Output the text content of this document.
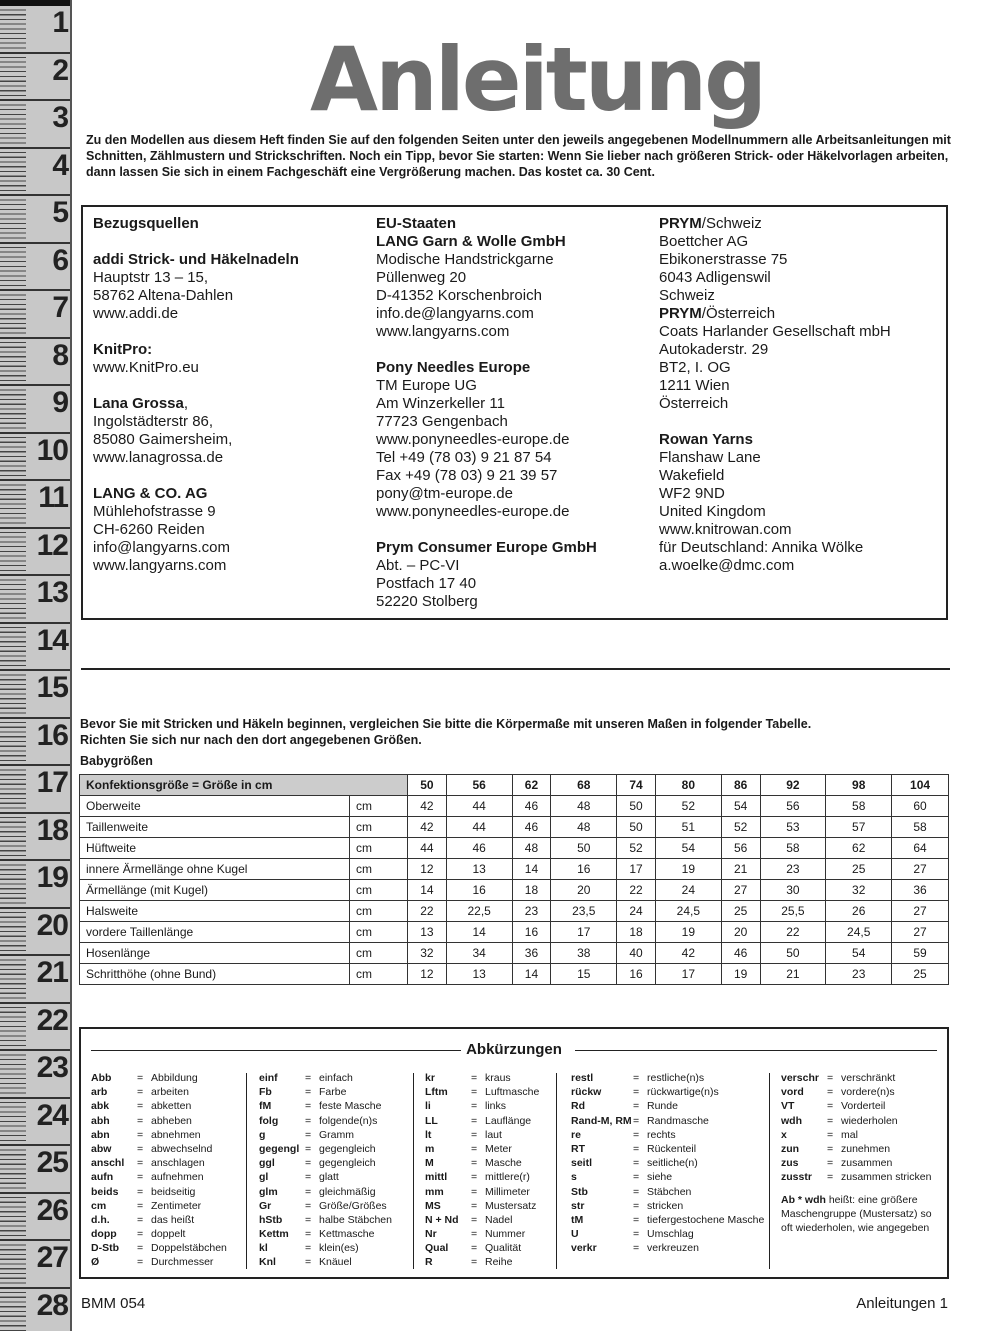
1
2
3
4
5
6
7
8
9
10
11
12
13
14
15
16
17
18
19
20
21
22
23
24
25
26
27
28
Anleitung
Zu den Modellen aus diesem Heft finden Sie auf den folgenden Seiten unter den jeweils angegebenen Modellnummern alle Arbeitsanleitungen mit Schnitten, Zählmustern und Strickschriften. Noch ein Tipp, bevor Sie starten: Wenn Sie lieber nach größeren Strick- oder Häkelvorlagen arbeiten, dann lassen Sie sich in einem Fachgeschäft eine Vergrößerung machen. Das kostet ca. 30 Cent.
Bezugsquellen

addi Strick- und Häkelnadeln
Hauptstr 13 – 15,
58762 Altena-Dahlen
www.addi.de

KnitPro:
www.KnitPro.eu

Lana Grossa,
Ingolstädterstr 86,
85080 Gaimersheim,
www.lanagrossa.de

LANG & CO. AG
Mühlehofstrasse 9
CH-6260 Reiden
info@langyarns.com
www.langyarns.com
EU-Staaten
LANG Garn & Wolle GmbH
Modische Handstrickgarne
Püllenweg 20
D-41352 Korschenbroich
info.de@langyarns.com
www.langyarns.com

Pony Needles Europe
TM Europe UG
Am Winzerkeller 11
77723 Gengenbach
www.ponyneedles-europe.de
Tel +49 (78 03) 9 21 87 54
Fax +49 (78 03) 9 21 39 57
pony@tm-europe.de
www.ponyneedles-europe.de

Prym Consumer Europe GmbH
Abt. – PC-VI
Postfach 17 40
52220 Stolberg
PRYM/Schweiz
Boettcher AG
Ebikonerstrasse 75
6043 Adligenswil
Schweiz
PRYM/Österreich
Coats Harlander Gesellschaft mbH
Autokaderstr. 29
BT2, I. OG
1211 Wien
Österreich

Rowan Yarns
Flanshaw Lane
Wakefield
WF2 9ND
United Kingdom
www.knitrowan.com
für Deutschland: Annika Wölke
a.woelke@dmc.com
Bevor Sie mit Stricken und Häkeln beginnen, vergleichen Sie bitte die Körpermaße mit unseren Maßen in folgender Tabelle.
Richten Sie sich nur nach den dort angegebenen Größen.
Babygrößen
Konfektionsgröße = Größe in cm		50	56	62	68	74	80	86	92	98	104
Oberweite	cm	42	44	46	48	50	52	54	56	58	60
Taillenweite	cm	42	44	46	48	50	51	52	53	57	58
Hüftweite	cm	44	46	48	50	52	54	56	58	62	64
innere Ärmellänge ohne Kugel	cm	12	13	14	16	17	19	21	23	25	27
Ärmellänge (mit Kugel)	cm	14	16	18	20	22	24	27	30	32	36
Halsweite	cm	22	22,5	23	23,5	24	24,5	25	25,5	26	27
vordere Taillenlänge	cm	13	14	16	17	18	19	20	22	24,5	27
Hosenlänge	cm	32	34	36	38	40	42	46	50	54	59
Schritthöhe (ohne Bund)	cm	12	13	14	15	16	17	19	21	23	25
Abkürzungen
Abb = Abbildung
arb	= arbeiten
abk	= abketten
abh	= abheben
abn	= abnehmen
abw = abwechselnd
anschl = anschlagen
aufn = aufnehmen
beids = beidseitig
cm	= Zentimeter
d.h.	= das heißt
dopp = doppelt
D-Stb = Doppelstäbchen
Ø	= Durchmesser
einf	= einfach
Fb	= Farbe
fM	= feste Masche
folg	= folgende(n)s
g	= Gramm
gegengl = gegengleich
ggl	= gegengleich
gl	= glatt
glm	= gleichmäßig
Gr	= Größe/Größes
hStb = halbe Stäbchen
Kettm = Kettmasche
kl	= klein(es)
Knl	= Knäuel
kr	= kraus
Lftm = Luftmasche
li	= links
LL	= Lauflänge
lt	= laut
m	= Meter
M	= Masche
mittl = mittlere(r)
mm	= Millimeter
MS	= Mustersatz
N + Nd = Nadel
Nr	= Nummer
Qual = Qualität
R	= Reihe
restl	= restliche(n)s
rückw	= rückwartige(n)s
Rd	= Runde
Rand-M, RM = Randmasche
re	= rechts
RT	= Rückenteil
seitl	= seitliche(n)
s	= siehe
Stb	= Stäbchen
str	= stricken
tM	= tiefergestochene Masche
U	= Umschlag
verkr	= verkreuzen
verschr = verschränkt
vord = vordere(n)s
VT	= Vorderteil
wdh = wiederholen
x	= mal
zun	= zunehmen
zus	= zusammen
zusstr = zusammen stricken
Ab * wdh heißt: eine größere Maschengruppe (Mustersatz) so oft wiederholen, wie angegeben
BMM 054	Anleitungen 1
